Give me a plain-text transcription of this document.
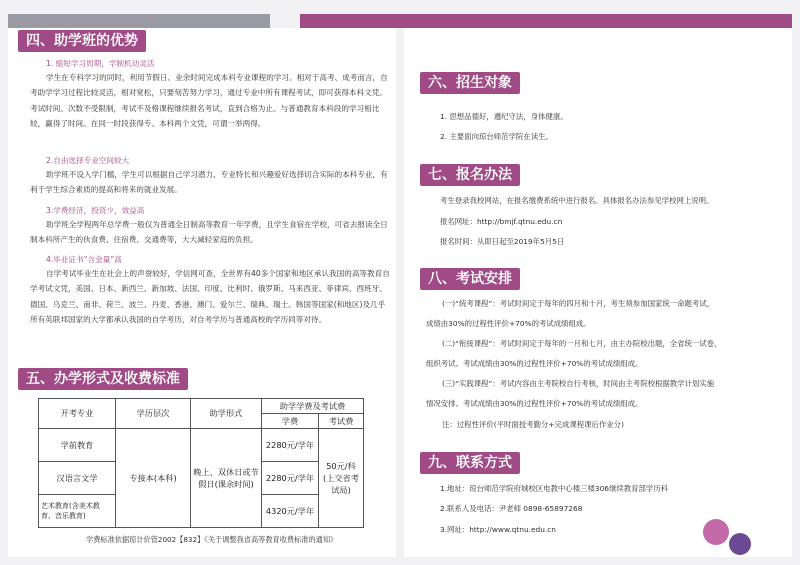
四、助学班的优势
1. 缩短学习周期，学制机动灵活
学生在专科学习的同时，利用节假日、业余时间完成本科专业课程的学习。相对于高考、成考而言，自考助学学习过程比较灵活，相对宽松，只要刻苦努力学习，通过专业中所有课程考试，即可获得本科文凭。考试时间、次数不受限制，考试不及格课程继续报名考试，直到合格为止。与普通教育本科段的学习相比较，赢得了时间。在同一时段获得专、本科两个文凭，可谓一举两得。
2.自由选择专业空间较大
助学班不设入学门槛，学生可以根据自己学习潜力、专业特长和兴趣爱好选择切合实际的本科专业，有利于学生综合素质的提高和将来的就业发展。
3.学费经济，投资少，效益高
助学班全学程两年总学费一般仅为普通全日制高等教育一年学费，且学生食宿在学校，可省去报读全日制本科所产生的伙食费、住宿费、交通费等，大大减轻家庭的负担。
4.毕业证书“含金量”高
自学考试毕业生在社会上的声誉较好，学信网可查，全世界有40多个国家和地区承认我国的高等教育自学考试文凭，美国、日本、新西兰、新加坡、法国、印度、比利时、俄罗斯、马来西亚、菲律宾、西班牙、德国、乌克兰、南非、荷兰、波兰、丹麦、香港、澳门、爱尔兰、瑞典、瑞士、韩国等国家(和地区)及几乎所有英联邦国家的大学都承认我国的自学考历，对自考学历与普通高校的学历同等对待。
五、办学形式及收费标准
开考专业	学历层次	助学形式	助学学费及考试费	
			学费	考试费
学前教育	专接本(本科)	晚上、双休日或节假日(课余时间)	2280元/学年	50元/科(上交省考试局)
汉语言文学			2280元/学年	
艺术教育(含美术教育、音乐教育)			4320元/学年	
学费标准依据琼计价管2002【832】《关于调整我省高等教育收费标准的通知》
六、招生对象
1. 思想品德好，遵纪守法，身体健康。
2. 主要面向琼台师范学院在读生。
七、报名办法
考生登录我校网站，在报名缴费系统中进行报名。具体报名办法参见学校网上说明。
报名网址：http://bmjf.qtnu.edu.cn
报名时间：从即日起至2019年5月5日
八、考试安排
(一)“统考课程”：考试时间定于每年的四月和十月，考生须参加国家统一命题考试，
成绩由30%的过程性评价+70%的考试成绩组成。
(二)“衔接课程”：考试时间定于每年的一月和七月，由主办院校出题，全省统一试卷，
组织考试。考试成绩由30%的过程性评价+70%的考试成绩组成。
(三)“实践课程”：考试内容由主考院校自行考核，时间由主考院校根据教学计划实施
情况安排。考试成绩由30%的过程性评价+70%的考试成绩组成。
注：过程性评价(平时面授考勤分+完成课程课后作业分)
九、联系方式
1.地址：琼台师范学院府城校区电教中心楼三楼306继续教育部学历科
2.联系人及电话：尹老师 0898-65897268
3.网址：http://www.qtnu.edu.cn
